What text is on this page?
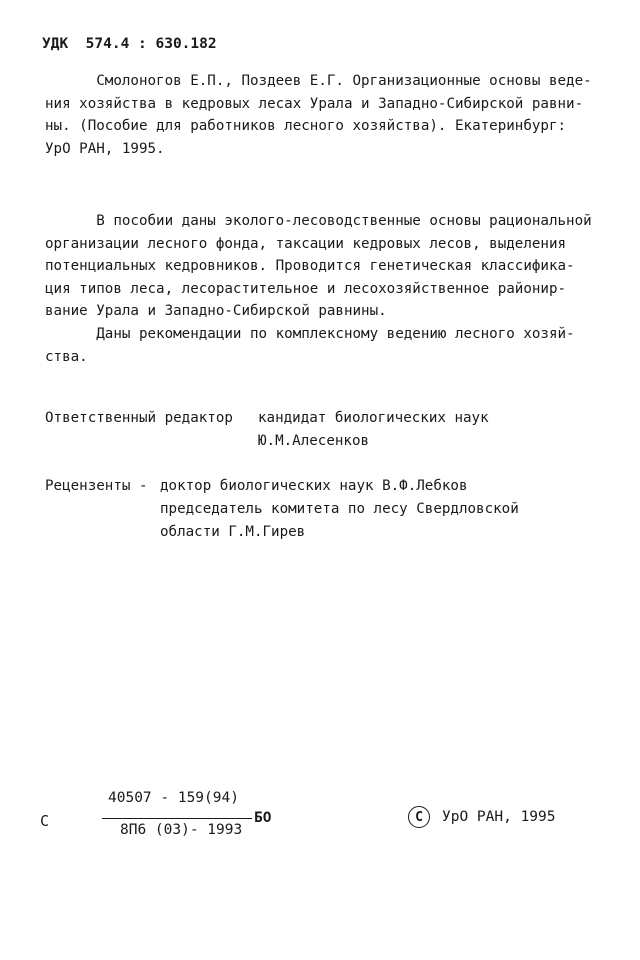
УДК  574.4 : 630.182
Смолоногов Е.П., Поздеев Е.Г. Организационные основы веде-
ния хозяйства в кедровых лесах Урала и Западно-Сибирской равни-
ны. (Пособие для работников лесного хозяйства). Екатеринбург:
УрО РАН, 1995.
В пособии даны эколого-лесоводственные основы рациональной
организации лесного фонда, таксации кедровых лесов, выделения
потенциальных кедровников. Проводится генетическая классифика-
ция типов леса, лесорастительное и лесохозяйственное районир-
вание Урала и Западно-Сибирской равнины.
Даны рекомендации по комплексному ведению лесного хозяй-
ства.
Ответственный редактор кандидат биологических наук
Ю.М.Алесенков
Рецензенты - доктор биологических наук В.Ф.Лебков
председатель комитета по лесу Свердловской
области Г.М.Гирев
С
40507 - 159(94)
8П6 (03)- 1993
БО	С	УрО РАН, 1995
